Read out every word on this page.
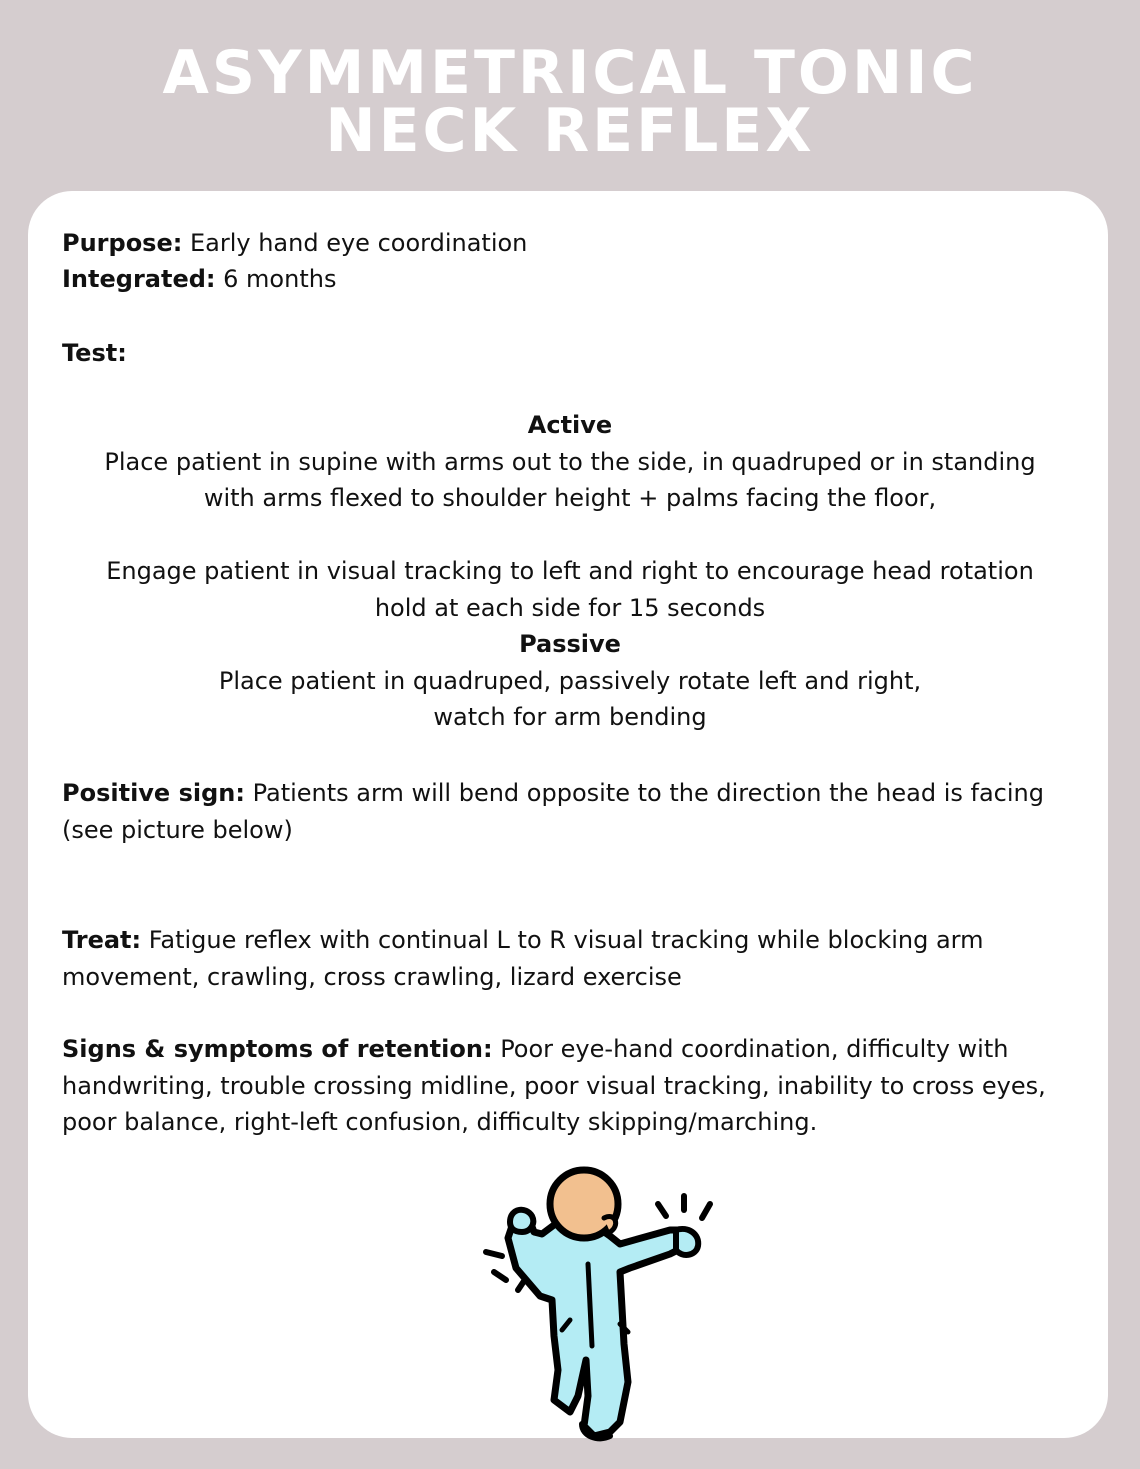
ASYMMETRICAL TONIC
NECK REFLEX
Purpose: Early hand eye coordination
Integrated: 6 months
Test:
Active
Place patient in supine with arms out to the side, in quadruped or in standing
with arms flexed to shoulder height + palms facing the floor,
Engage patient in visual tracking to left and right to encourage head rotation
hold at each side for 15 seconds
Passive
Place patient in quadruped, passively rotate left and right,
watch for arm bending
Positive sign: Patients arm will bend opposite to the direction the head is facing (see picture below)
Treat: Fatigue reflex with continual L to R visual tracking while blocking arm movement, crawling, cross crawling, lizard exercise
Signs & symptoms of retention: Poor eye-hand coordination, difficulty with handwriting, trouble crossing midline, poor visual tracking, inability to cross eyes, poor balance, right-left confusion, difficulty skipping/marching.
